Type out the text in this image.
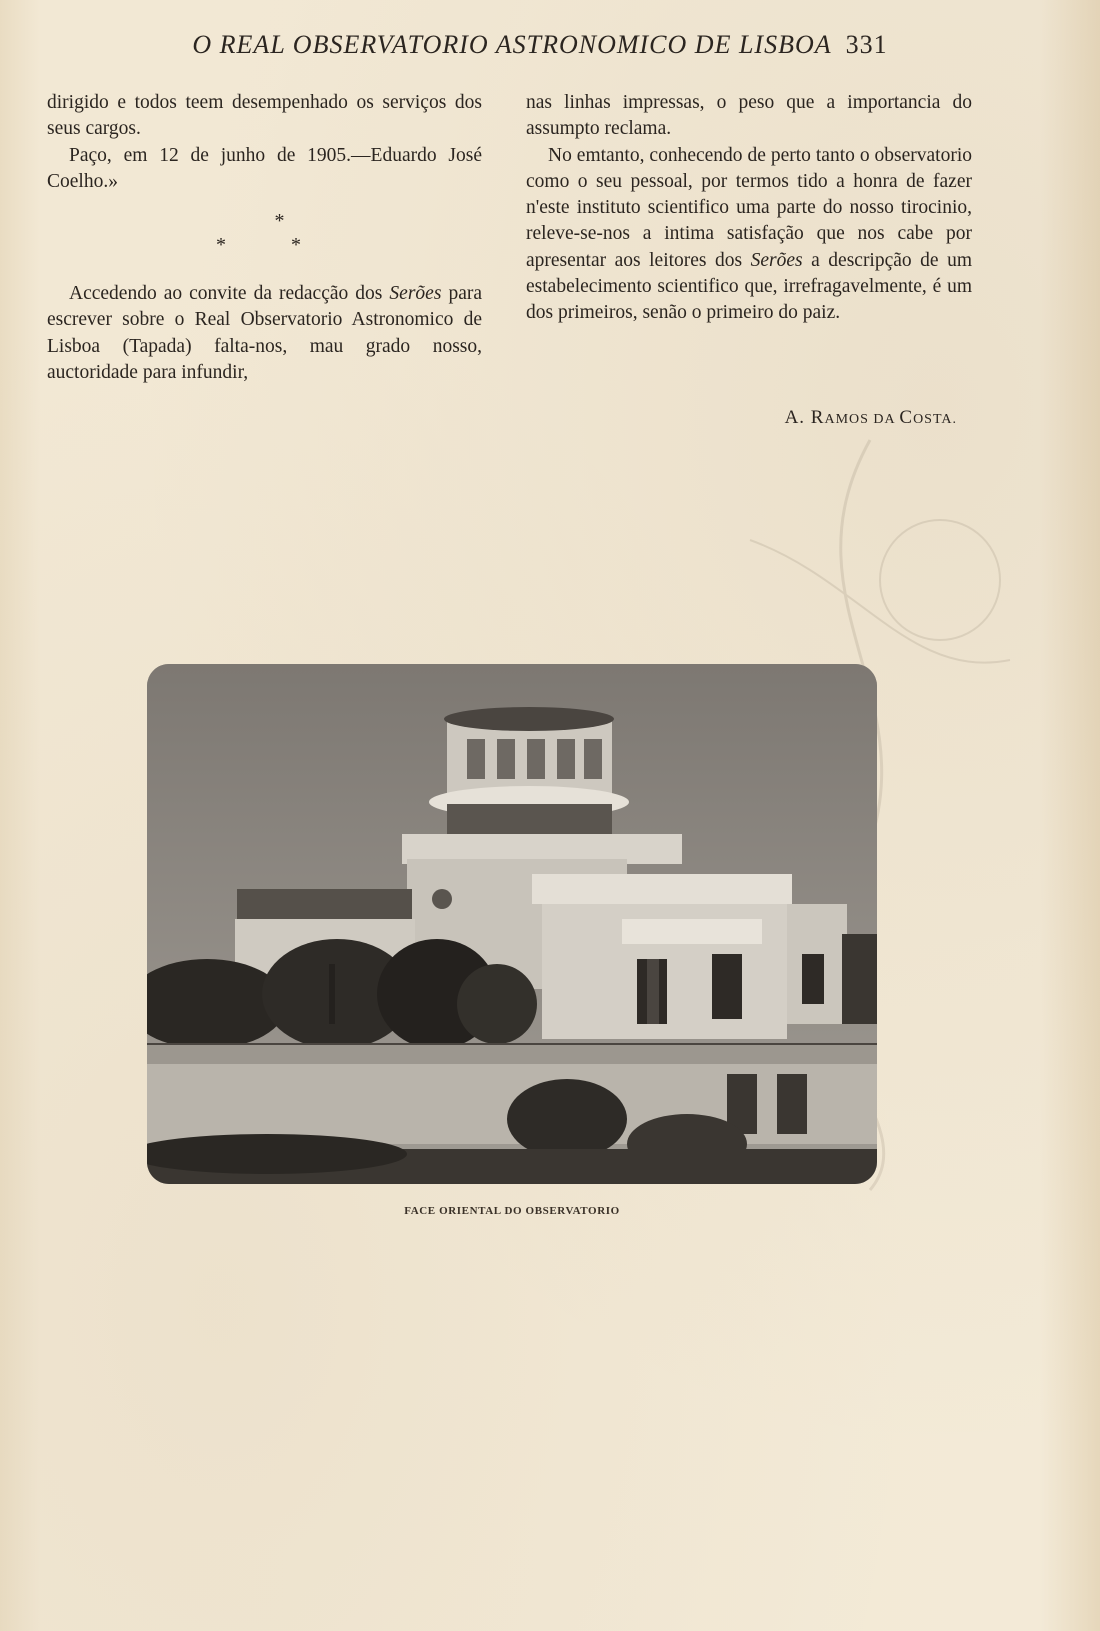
O REAL OBSERVATORIO ASTRONOMICO DE LISBOA 331

dirigido e todos teem desempenhado os serviços dos seus cargos.

Paço, em 12 de junho de 1905.—Eduardo José Coelho.»

*
* *

Accedendo ao convite da redacção dos Serões para escrever sobre o Real Observatorio Astronomico de Lisboa (Tapada) falta-nos, mau grado nosso, auctoridade para infundir,

nas linhas impressas, o peso que a importancia do assumpto reclama.

No emtanto, conhecendo de perto tanto o observatorio como o seu pessoal, por termos tido a honra de fazer n'este instituto scientifico uma parte do nosso tirocinio, releve-se-nos a intima satisfação que nos cabe por apresentar aos leitores dos Serões a descripção de um estabelecimento scientifico que, irrefragavelmente, é um dos primeiros, senão o primeiro do paiz.

A. RAMOS DA COSTA.
FACE ORIENTAL DO OBSERVATORIO
